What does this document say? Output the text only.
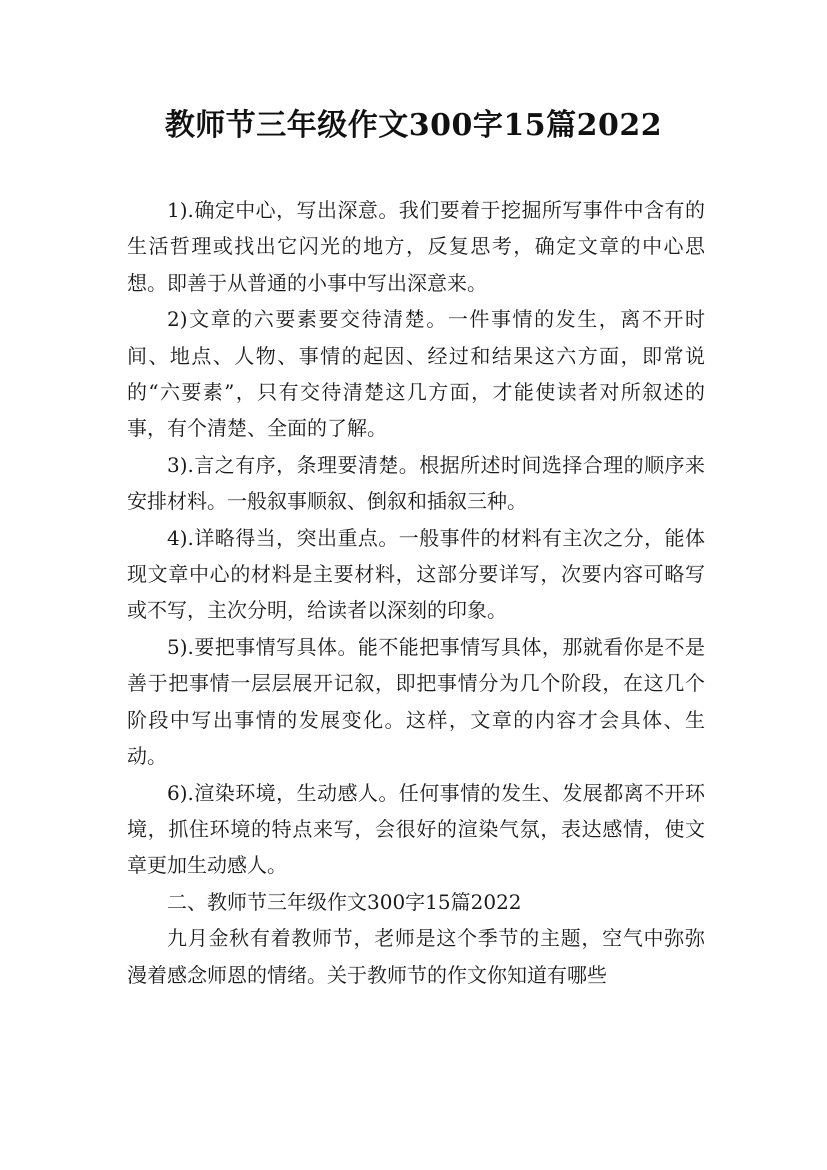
教师节三年级作文300字15篇2022

1).确定中心，写出深意。我们要着于挖掘所写事件中含有的生活哲理或找出它闪光的地方，反复思考，确定文章的中心思想。即善于从普通的小事中写出深意来。

2)文章的六要素要交待清楚。一件事情的发生，离不开时间、地点、人物、事情的起因、经过和结果这六方面，即常说的“六要素”，只有交待清楚这几方面，才能使读者对所叙述的事，有个清楚、全面的了解。

3).言之有序，条理要清楚。根据所述时间选择合理的顺序来安排材料。一般叙事顺叙、倒叙和插叙三种。

4).详略得当，突出重点。一般事件的材料有主次之分，能体现文章中心的材料是主要材料，这部分要详写，次要内容可略写或不写，主次分明，给读者以深刻的印象。

5).要把事情写具体。能不能把事情写具体，那就看你是不是善于把事情一层层展开记叙，即把事情分为几个阶段，在这几个阶段中写出事情的发展变化。这样，文章的内容才会具体、生动。

6).渲染环境，生动感人。任何事情的发生、发展都离不开环境，抓住环境的特点来写，会很好的渲染气氛，表达感情，使文章更加生动感人。

二、教师节三年级作文300字15篇2022

九月金秋有着教师节，老师是这个季节的主题，空气中弥弥漫着感念师恩的情绪。关于教师节的作文你知道有哪些
